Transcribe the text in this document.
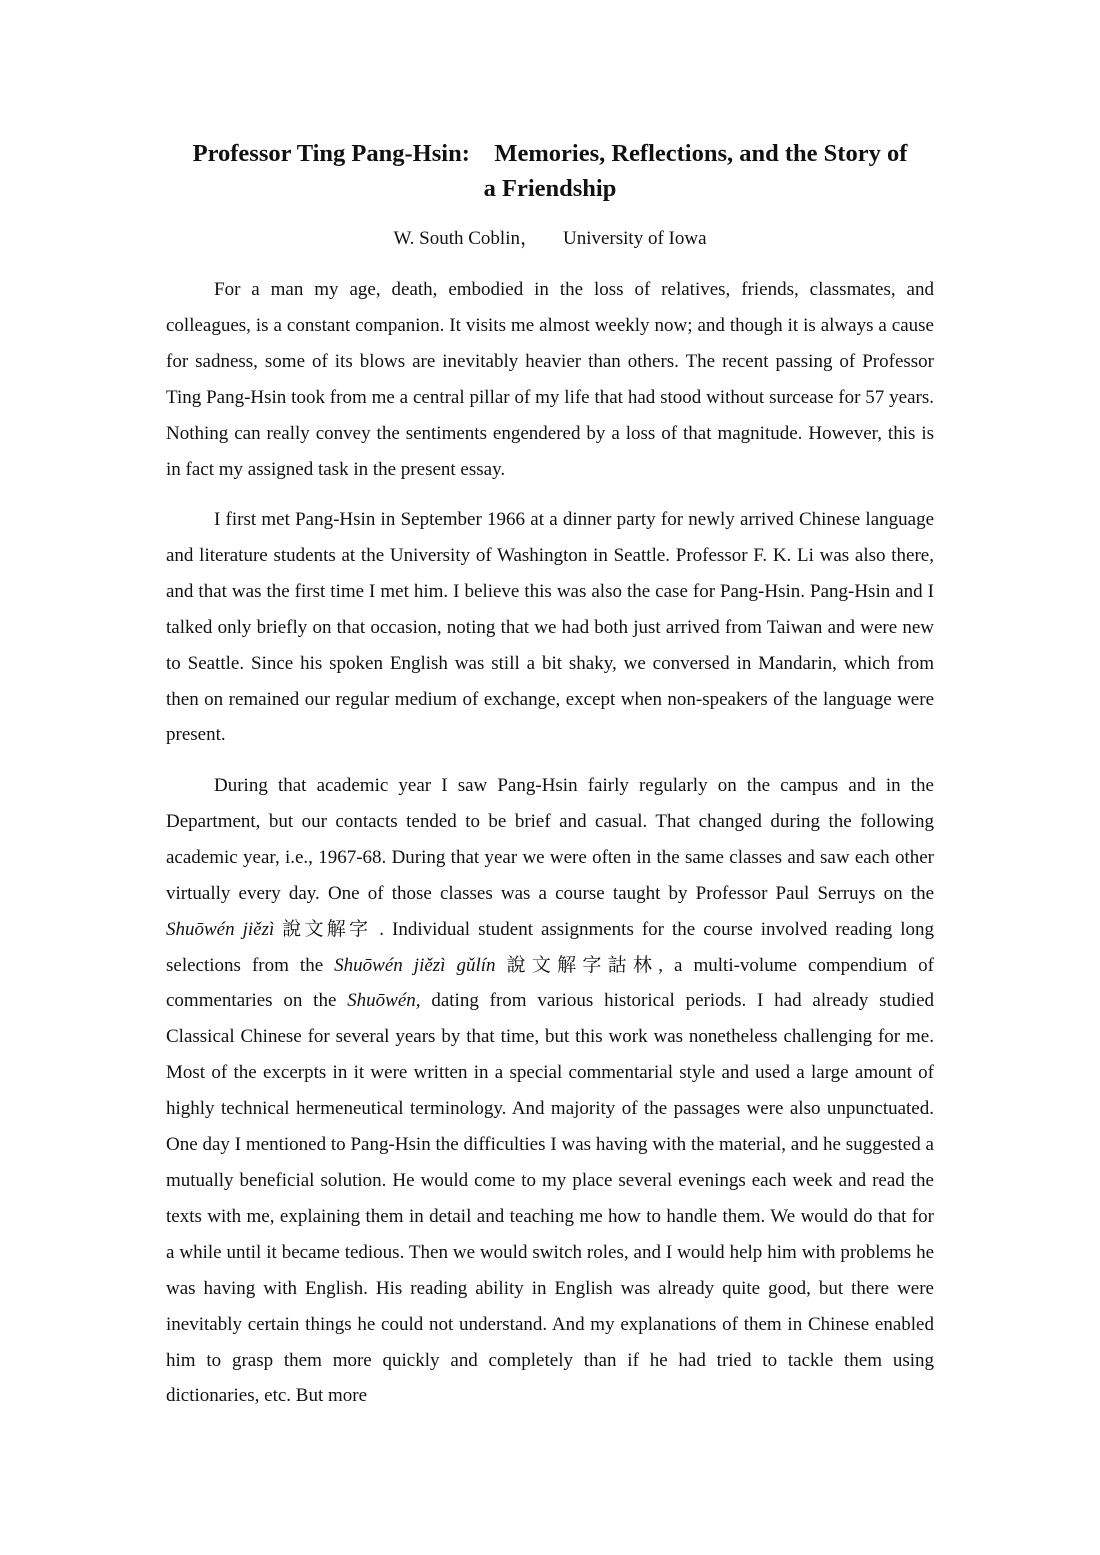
Professor Ting Pang-Hsin:    Memories, Reflections, and the Story of
a Friendship
W. South Coblin， University of Iowa

For a man my age, death, embodied in the loss of relatives, friends, classmates, and colleagues, is a constant companion. It visits me almost weekly now; and though it is always a cause for sadness, some of its blows are inevitably heavier than others. The recent passing of Professor Ting Pang-Hsin took from me a central pillar of my life that had stood without surcease for 57 years. Nothing can really convey the sentiments engendered by a loss of that magnitude. However, this is in fact my assigned task in the present essay.

I first met Pang-Hsin in September 1966 at a dinner party for newly arrived Chinese language and literature students at the University of Washington in Seattle. Professor F. K. Li was also there, and that was the first time I met him. I believe this was also the case for Pang-Hsin. Pang-Hsin and I talked only briefly on that occasion, noting that we had both just arrived from Taiwan and were new to Seattle. Since his spoken English was still a bit shaky, we conversed in Mandarin, which from then on remained our regular medium of exchange, except when non-speakers of the language were present.

During that academic year I saw Pang-Hsin fairly regularly on the campus and in the Department, but our contacts tended to be brief and casual. That changed during the following academic year, i.e., 1967-68. During that year we were often in the same classes and saw each other virtually every day. One of those classes was a course taught by Professor Paul Serruys on the Shuōwén jiězì 說文解字 . Individual student assignments for the course involved reading long selections from the Shuōwén jiězì gǔlín 說文解字詁林, a multi-volume compendium of commentaries on the Shuōwén, dating from various historical periods. I had already studied Classical Chinese for several years by that time, but this work was nonetheless challenging for me. Most of the excerpts in it were written in a special commentarial style and used a large amount of highly technical hermeneutical terminology. And majority of the passages were also unpunctuated. One day I mentioned to Pang-Hsin the difficulties I was having with the material, and he suggested a mutually beneficial solution. He would come to my place several evenings each week and read the texts with me, explaining them in detail and teaching me how to handle them. We would do that for a while until it became tedious. Then we would switch roles, and I would help him with problems he was having with English. His reading ability in English was already quite good, but there were inevitably certain things he could not understand. And my explanations of them in Chinese enabled him to grasp them more quickly and completely than if he had tried to tackle them using dictionaries, etc. But more
